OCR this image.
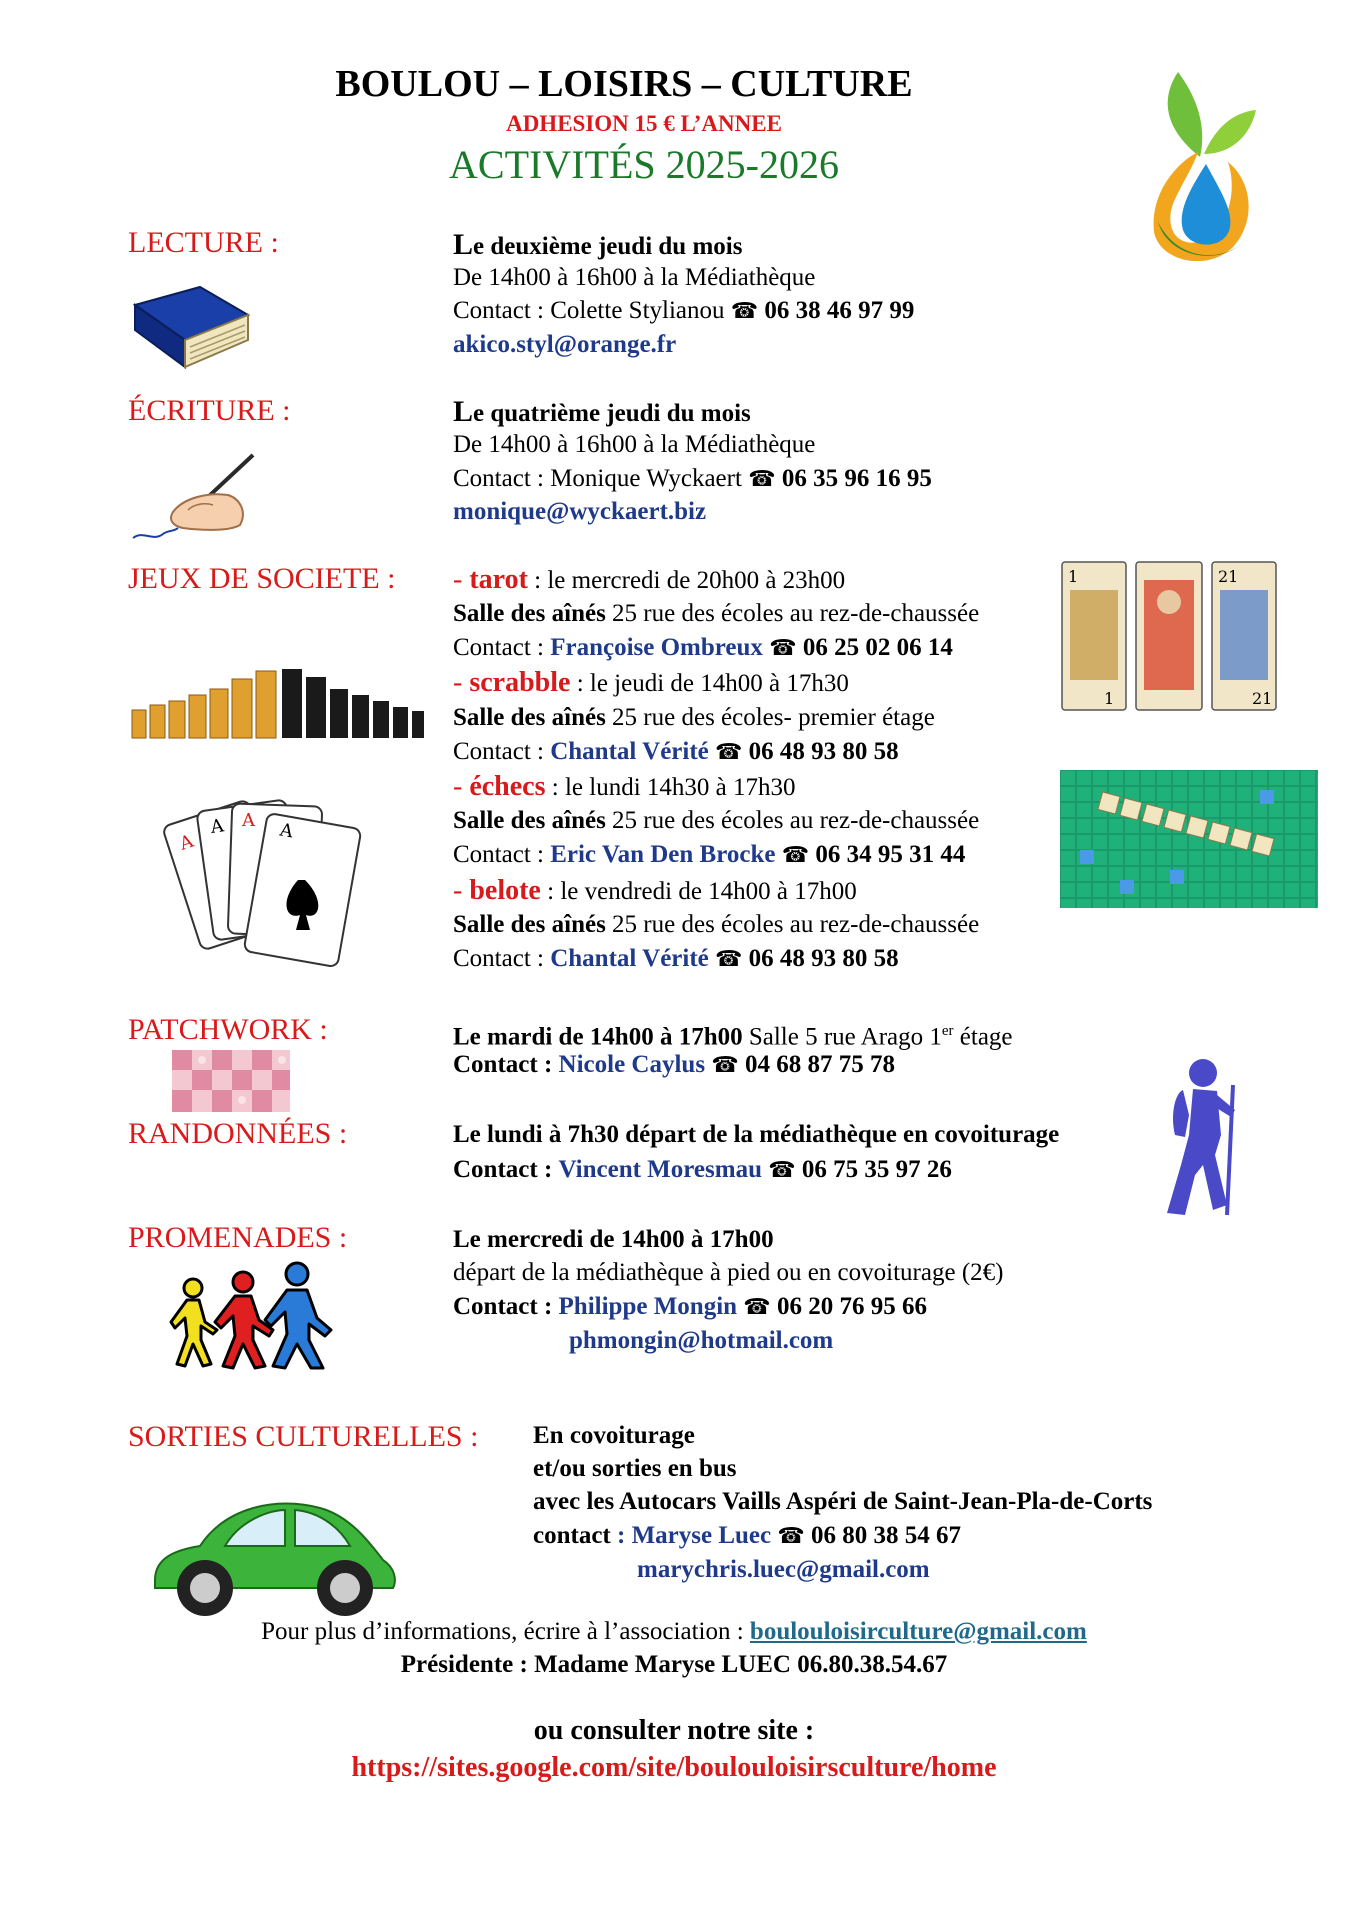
BOULOU – LOISIRS – CULTURE
ADHESION 15 € L’ANNEE
ACTIVITÉS 2025-2026
LECTURE :	Le deuxième jeudi du mois
De 14h00 à 16h00 à la Médiathèque
Contact : Colette Stylianou ☎ 06 38 46 97 99
akico.styl@orange.fr
ÉCRITURE :	Le quatrième jeudi du mois
De 14h00 à 16h00 à la Médiathèque
Contact : Monique Wyckaert ☎ 06 35 96 16 95
monique@wyckaert.biz
JEUX DE SOCIETE :
A
A A A
1	21
1	21
- tarot : le mercredi de 20h00 à 23h00
Salle des aînés 25 rue des écoles au rez-de-chaussée
Contact : Françoise Ombreux ☎ 06 25 02 06 14
- scrabble : le jeudi de 14h00 à 17h30
Salle des aînés 25 rue des écoles- premier étage
Contact : Chantal Vérité ☎ 06 48 93 80 58
- échecs : le lundi 14h30 à 17h30
Salle des aînés 25 rue des écoles au rez-de-chaussée
Contact : Eric Van Den Brocke ☎ 06 34 95 31 44
- belote : le vendredi de 14h00 à 17h00
Salle des aînés 25 rue des écoles au rez-de-chaussée
Contact : Chantal Vérité ☎ 06 48 93 80 58
PATCHWORK :	Le mardi de 14h00 à 17h00 Salle 5 rue Arago 1er étage
Contact : Nicole Caylus ☎ 04 68 87 75 78
RANDONNÉES :	Le lundi à 7h30 départ de la médiathèque en covoiturage
Contact : Vincent Moresmau ☎ 06 75 35 97 26
PROMENADES :	Le mercredi de 14h00 à 17h00
départ de la médiathèque à pied ou en covoiturage (2€)
Contact : Philippe Mongin ☎ 06 20 76 95 66
phmongin@hotmail.com
SORTIES CULTURELLES : En covoiturage
et/ou sorties en bus
avec les Autocars Vaills Aspéri de Saint-Jean-Pla-de-Corts
contact : Maryse Luec ☎ 06 80 38 54 67
marychris.luec@gmail.com
Pour plus d’informations, écrire à l’association : boulouloisirculture@gmail.com
Présidente : Madame Maryse LUEC 06.80.38.54.67
ou consulter notre site :
https://sites.google.com/site/boulouloisirsculture/home
